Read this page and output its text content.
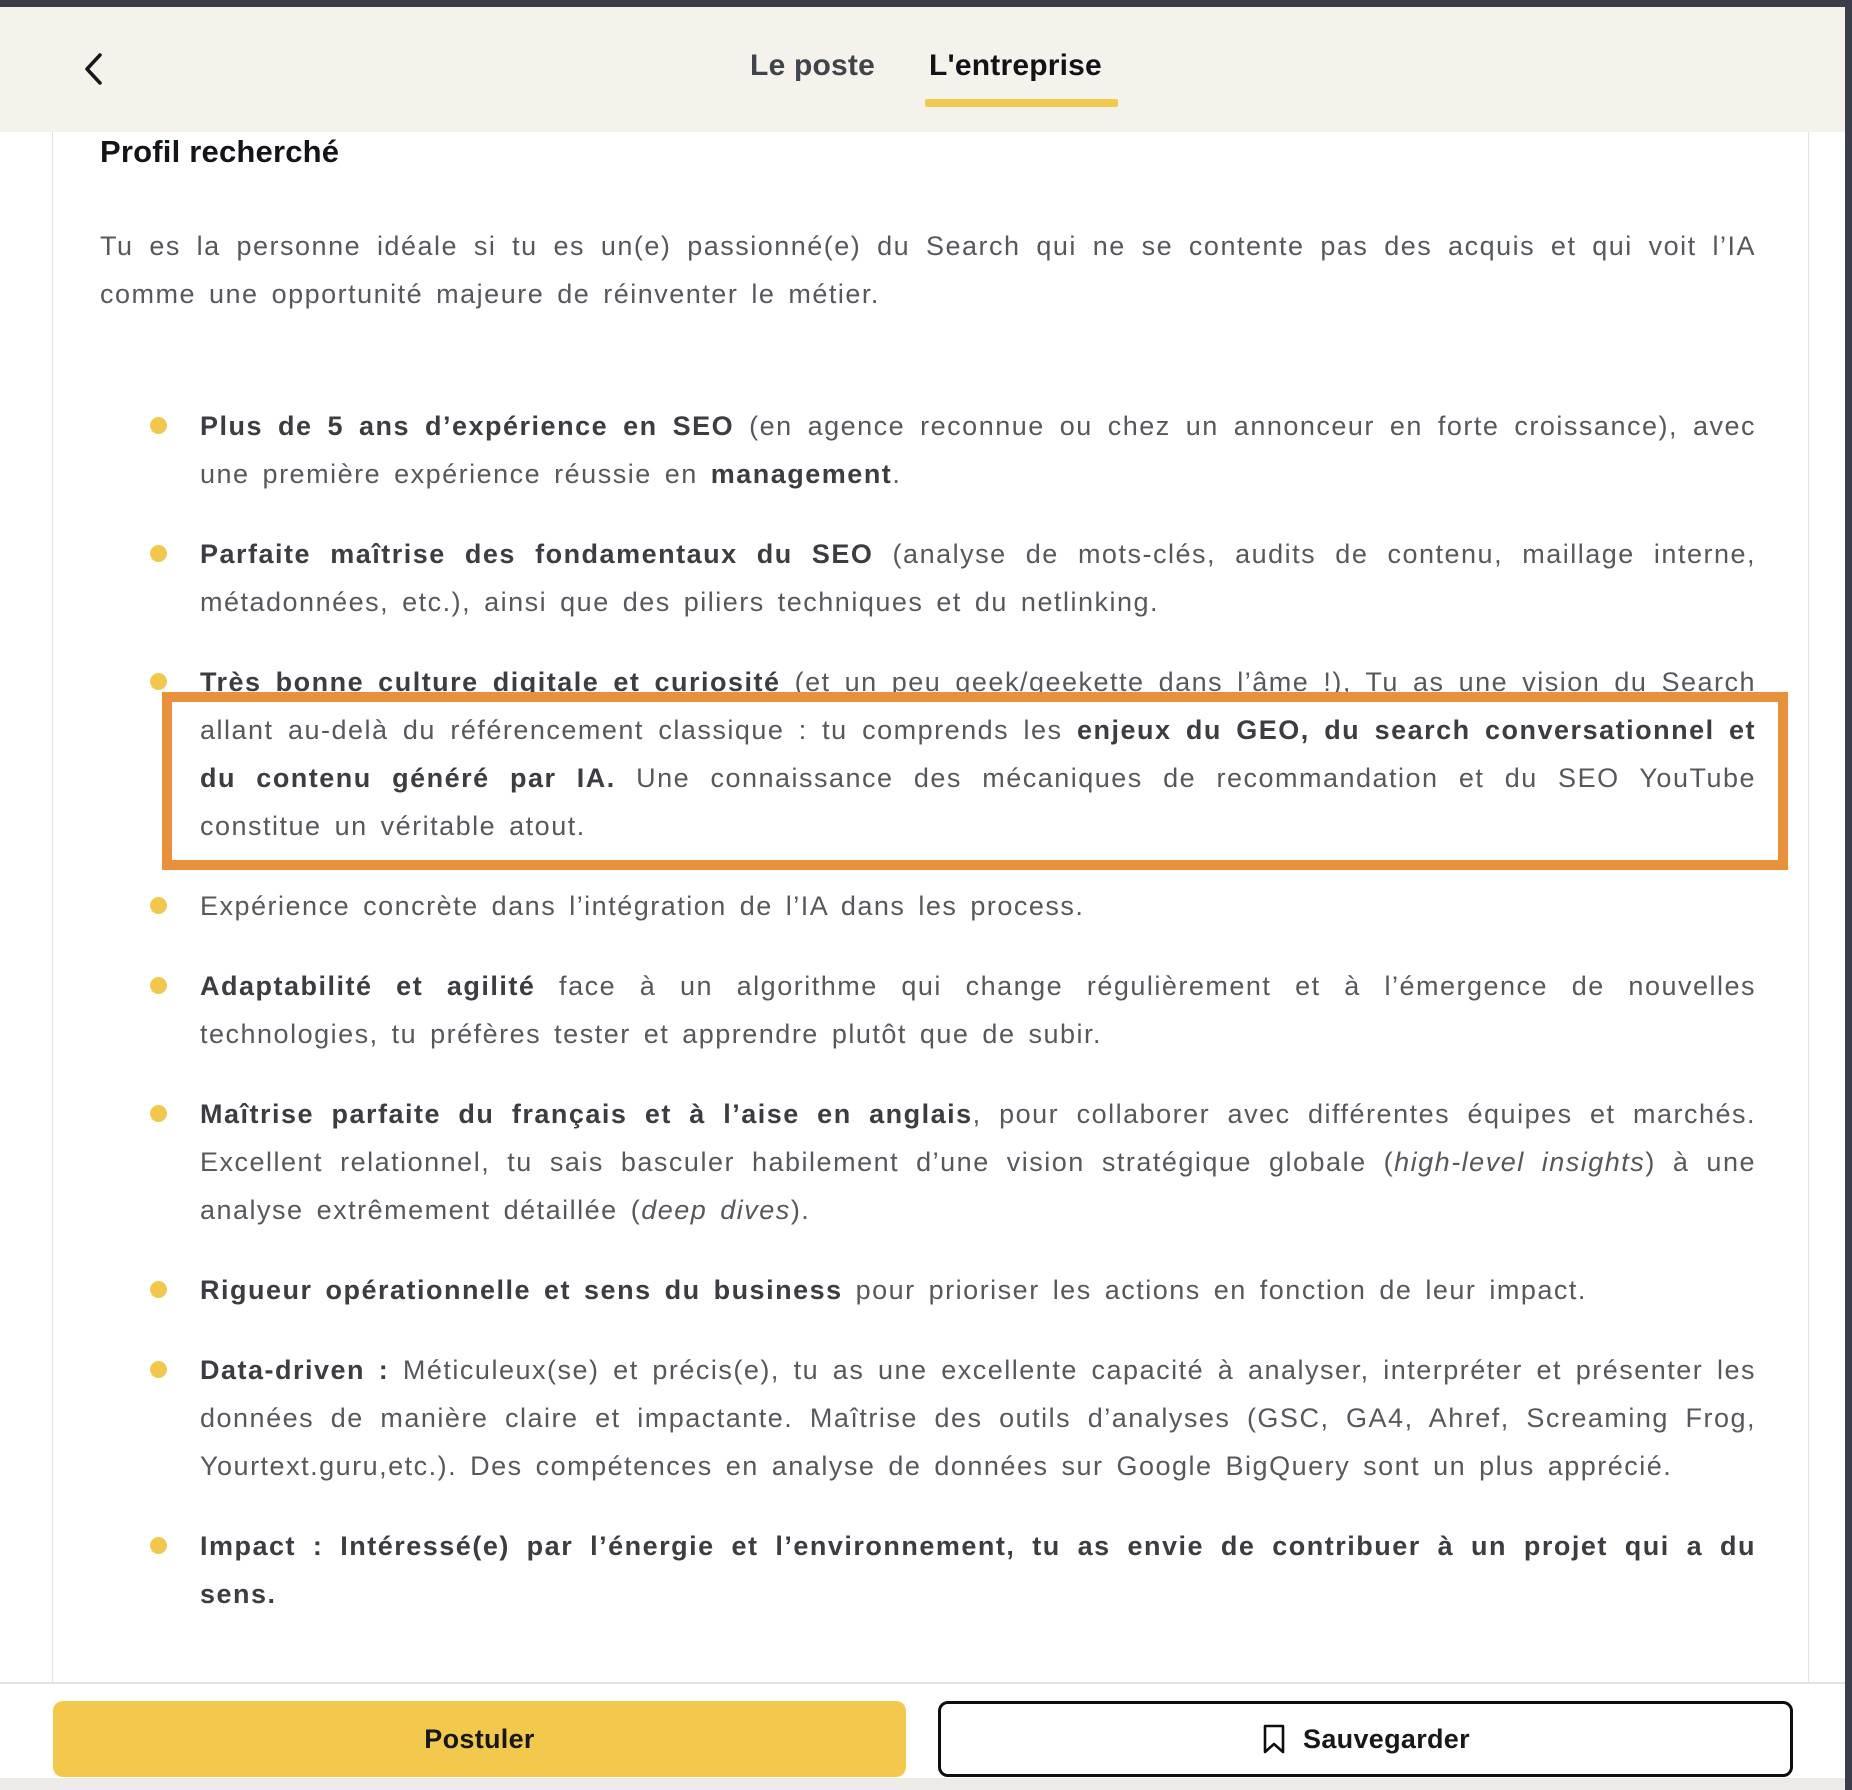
Le poste L'entreprise
Profil recherché

Tu es la personne idéale si tu es un(e) passionné(e) du Search qui ne se contente pas des acquis et qui voit l’IA comme une opportunité majeure de réinventer le métier.

Plus de 5 ans d’expérience en SEO (en agence reconnue ou chez un annonceur en forte croissance), avec une première expérience réussie en management.
Parfaite maîtrise des fondamentaux du SEO (analyse de mots-clés, audits de contenu, maillage interne, métadonnées, etc.), ainsi que des piliers techniques et du netlinking.
Très bonne culture digitale et curiosité (et un peu geek/geekette dans l’âme !), Tu as une vision du Search allant au-delà du référencement classique : tu comprends les enjeux du GEO, du search conversationnel et du contenu généré par IA. Une connaissance des mécaniques de recommandation et du SEO YouTube constitue un véritable atout.
Expérience concrète dans l’intégration de l’IA dans les process.
Adaptabilité et agilité face à un algorithme qui change régulièrement et à l’émergence de nouvelles technologies, tu préfères tester et apprendre plutôt que de subir.
Maîtrise parfaite du français et à l’aise en anglais, pour collaborer avec différentes équipes et marchés. Excellent relationnel, tu sais basculer habilement d’une vision stratégique globale (high-level insights) à une analyse extrêmement détaillée (deep dives).
Rigueur opérationnelle et sens du business pour prioriser les actions en fonction de leur impact.
Data-driven : Méticuleux(se) et précis(e), tu as une excellente capacité à analyser, interpréter et présenter les données de manière claire et impactante. Maîtrise des outils d’analyses (GSC, GA4, Ahref, Screaming Frog, Yourtext.guru,etc.). Des compétences en analyse de données sur Google BigQuery sont un plus apprécié.
Impact : Intéressé(e) par l’énergie et l’environnement, tu as envie de contribuer à un projet qui a du sens.
Postuler	Sauvegarder
